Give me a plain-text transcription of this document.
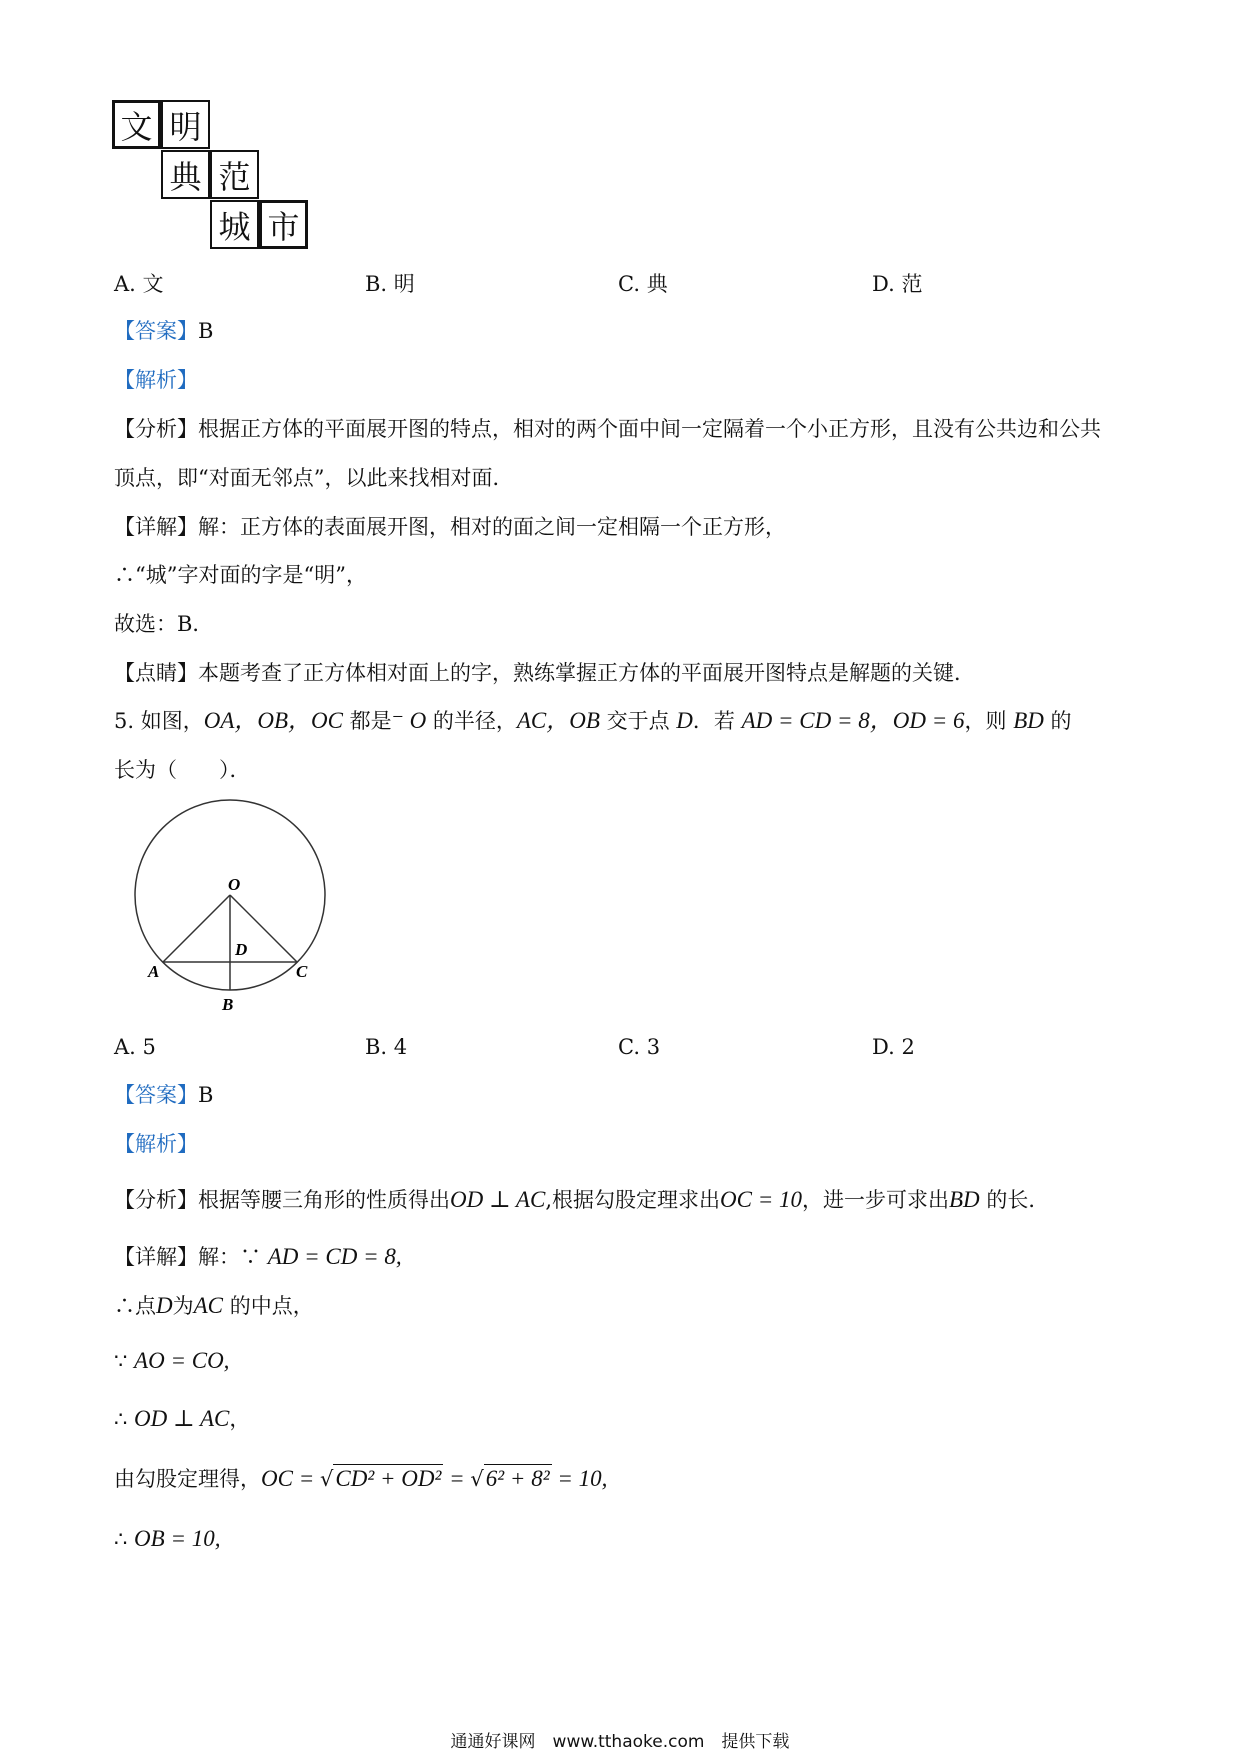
文 明
典 范
城 市
A. 文	B. 明	C. 典	D. 范
【答案】B
【解析】
【分析】根据正方体的平面展开图的特点，相对的两个面中间一定隔着一个小正方形，且没有公共边和公共
顶点，即“对面无邻点”，以此来找相对面．
【详解】解：正方体的表面展开图，相对的面之间一定相隔一个正方形，
∴“城”字对面的字是“明”，
故选：B．
【点睛】本题考查了正方体相对面上的字，熟练掌握正方体的平面展开图特点是解题的关键．
5. 如图，OA，OB，OC 都是⁻ O 的半径，AC，OB 交于点 D．若 AD = CD = 8，OD = 6，则 BD 的
长为（　　）．
O
A
B
C
D
A. 5	B. 4	C. 3	D. 2
【答案】B
【解析】
【分析】根据等腰三角形的性质得出OD ⊥ AC,根据勾股定理求出OC = 10，进一步可求出BD 的长．
【详解】解：∵ AD = CD = 8,
∴点D为AC 的中点，
∵ AO = CO,
∴ OD ⊥ AC，
由勾股定理得，OC = √CD² + OD² = √6² + 8² = 10,
∴ OB = 10,
通通好课网　www.tthaoke.com　提供下载
